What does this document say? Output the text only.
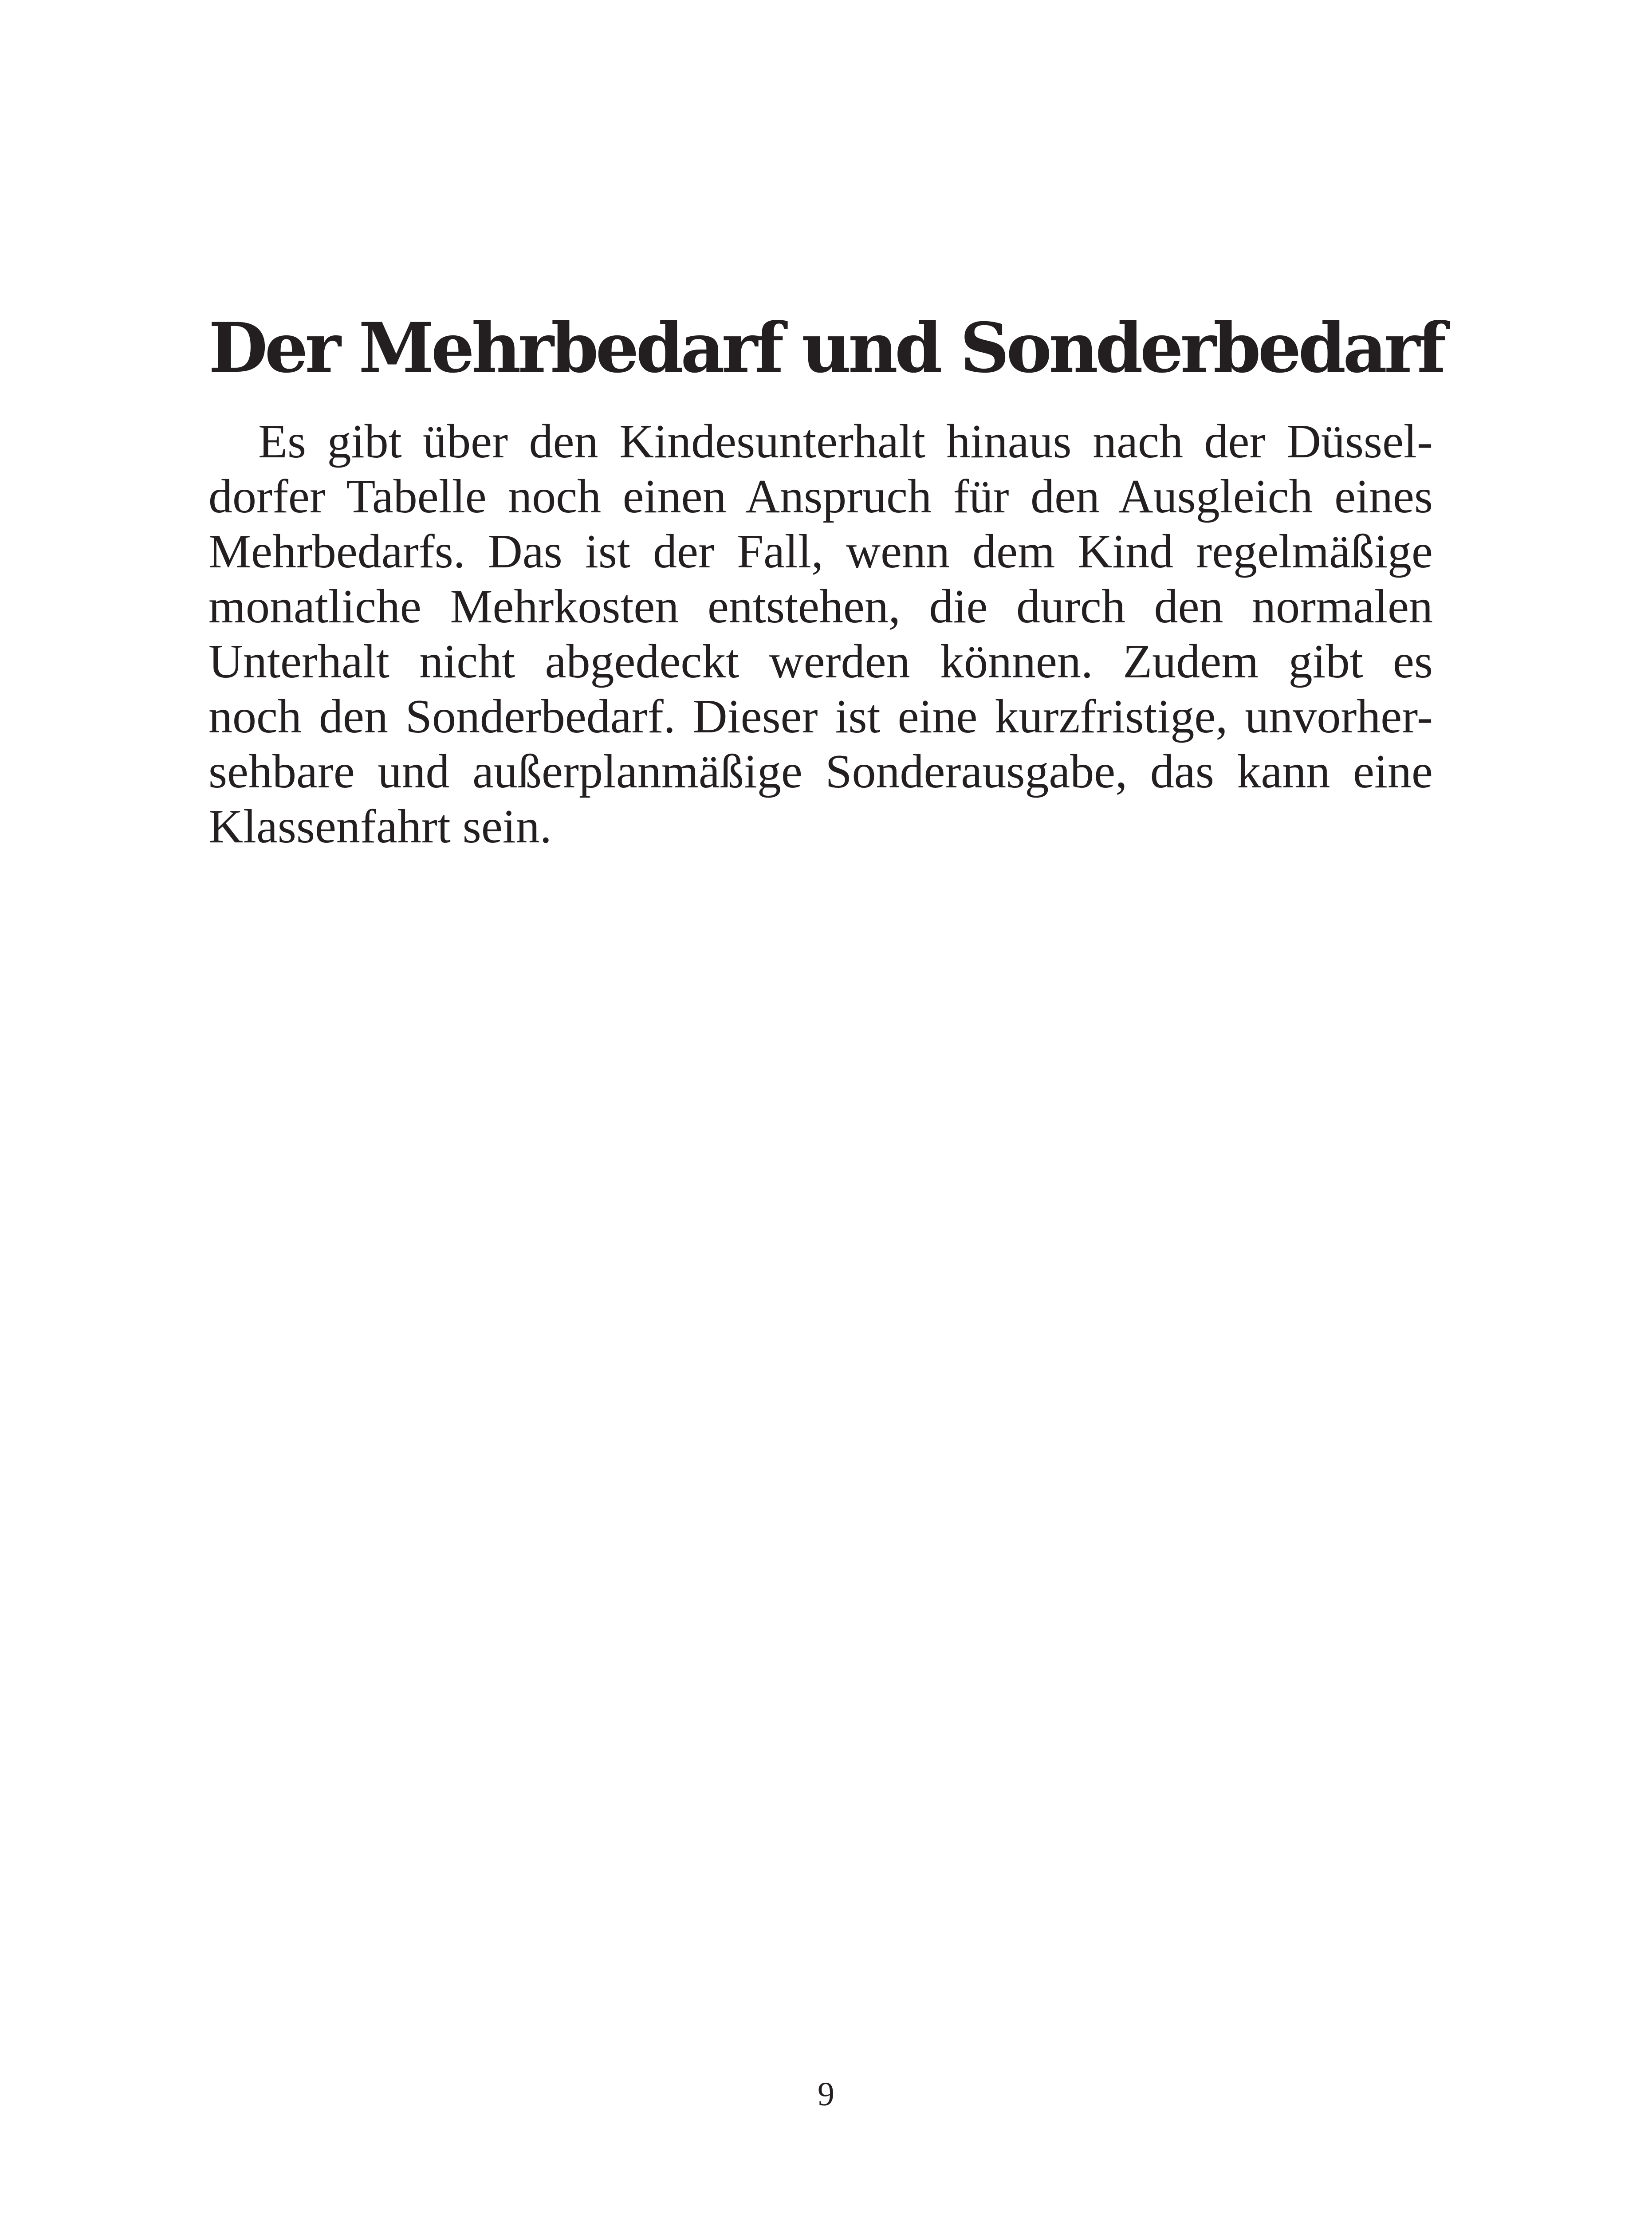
Der Mehrbedarf und Sonderbedarf
Es gibt über den Kindesunterhalt hinaus nach der Düssel-
dorfer Tabelle noch einen Anspruch für den Ausgleich eines
Mehrbedarfs. Das ist der Fall, wenn dem Kind regelmäßige
monatliche Mehrkosten entstehen, die durch den normalen
Unterhalt nicht abgedeckt werden können. Zudem gibt es
noch den Sonderbedarf. Dieser ist eine kurzfristige, unvorher-
sehbare und außerplanmäßige Sonderausgabe, das kann eine
Klassenfahrt sein.
9
